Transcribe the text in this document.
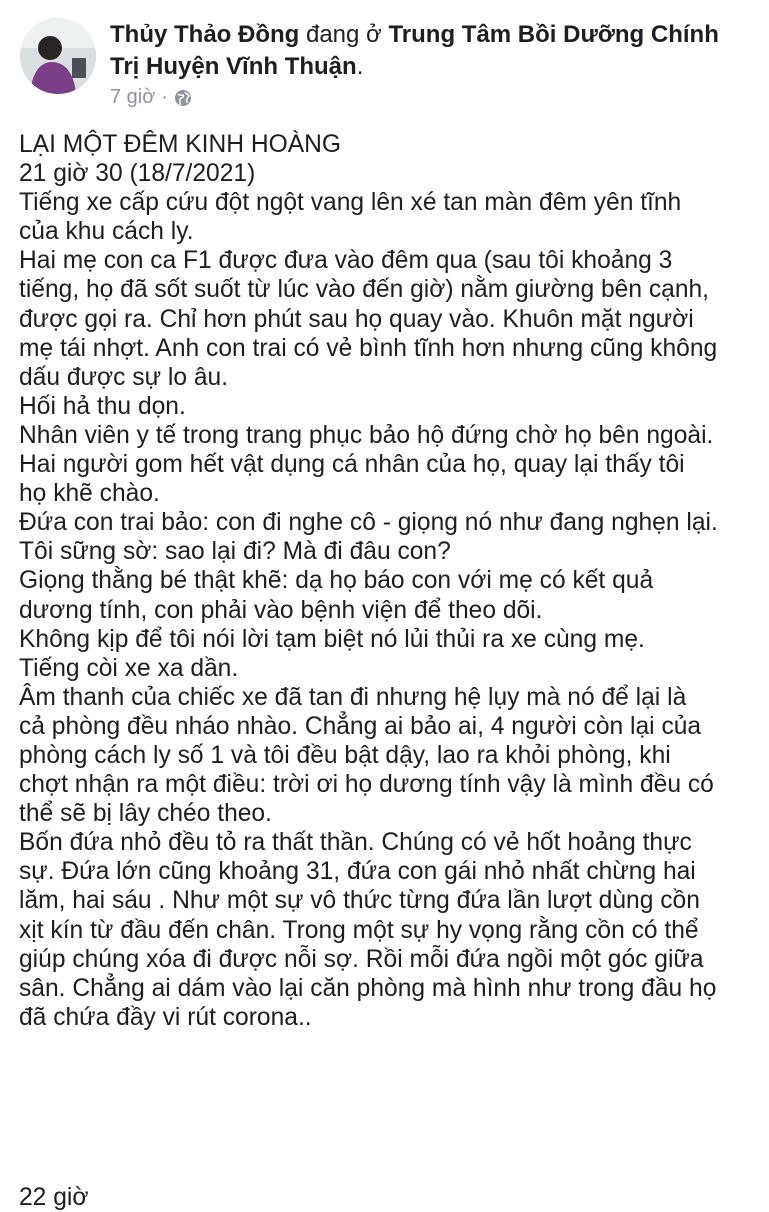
Thủy Thảo Đồng đang ở Trung Tâm Bồi Dưỡng Chính
Trị Huyện Vĩnh Thuận.
7 giờ ·
LẠI MỘT ĐÊM KINH HOÀNG
21 giờ 30 (18/7/2021)
Tiếng xe cấp cứu đột ngột vang lên xé tan màn đêm yên tĩnh
của khu cách ly.
Hai mẹ con ca F1 được đưa vào đêm qua (sau tôi khoảng 3
tiếng, họ đã sốt suốt từ lúc vào đến giờ) nằm giường bên cạnh,
được gọi ra. Chỉ hơn phút sau họ quay vào. Khuôn mặt người
mẹ tái nhợt. Anh con trai có vẻ bình tĩnh hơn nhưng cũng không
dấu được sự lo âu.
Hối hả thu dọn.
Nhân viên y tế trong trang phục bảo hộ đứng chờ họ bên ngoài.
Hai người gom hết vật dụng cá nhân của họ, quay lại thấy tôi
họ khẽ chào.
Đứa con trai bảo: con đi nghe cô - giọng nó như đang nghẹn lại.
Tôi sững sờ: sao lại đi? Mà đi đâu con?
Giọng thằng bé thật khẽ: dạ họ báo con với mẹ có kết quả
dương tính, con phải vào bệnh viện để theo dõi.
Không kịp để tôi nói lời tạm biệt nó lủi thủi ra xe cùng mẹ.
Tiếng còi xe xa dần.
Âm thanh của chiếc xe đã tan đi nhưng hệ lụy mà nó để lại là
cả phòng đều nháo nhào. Chẳng ai bảo ai, 4 người còn lại của
phòng cách ly số 1 và tôi đều bật dậy, lao ra khỏi phòng, khi
chợt nhận ra một điều: trời ơi họ dương tính vậy là mình đều có
thể sẽ bị lây chéo theo.
Bốn đứa nhỏ đều tỏ ra thất thần. Chúng có vẻ hốt hoảng thực
sự. Đứa lớn cũng khoảng 31, đứa con gái nhỏ nhất chừng hai
lăm, hai sáu . Như một sự vô thức từng đứa lần lượt dùng cồn
xịt kín từ đầu đến chân. Trong một sự hy vọng rằng cồn có thể
giúp chúng xóa đi được nỗi sợ. Rồi mỗi đứa ngồi một góc giữa
sân. Chẳng ai dám vào lại căn phòng mà hình như trong đầu họ
đã chứa đầy vi rút corona..
22 giờ
